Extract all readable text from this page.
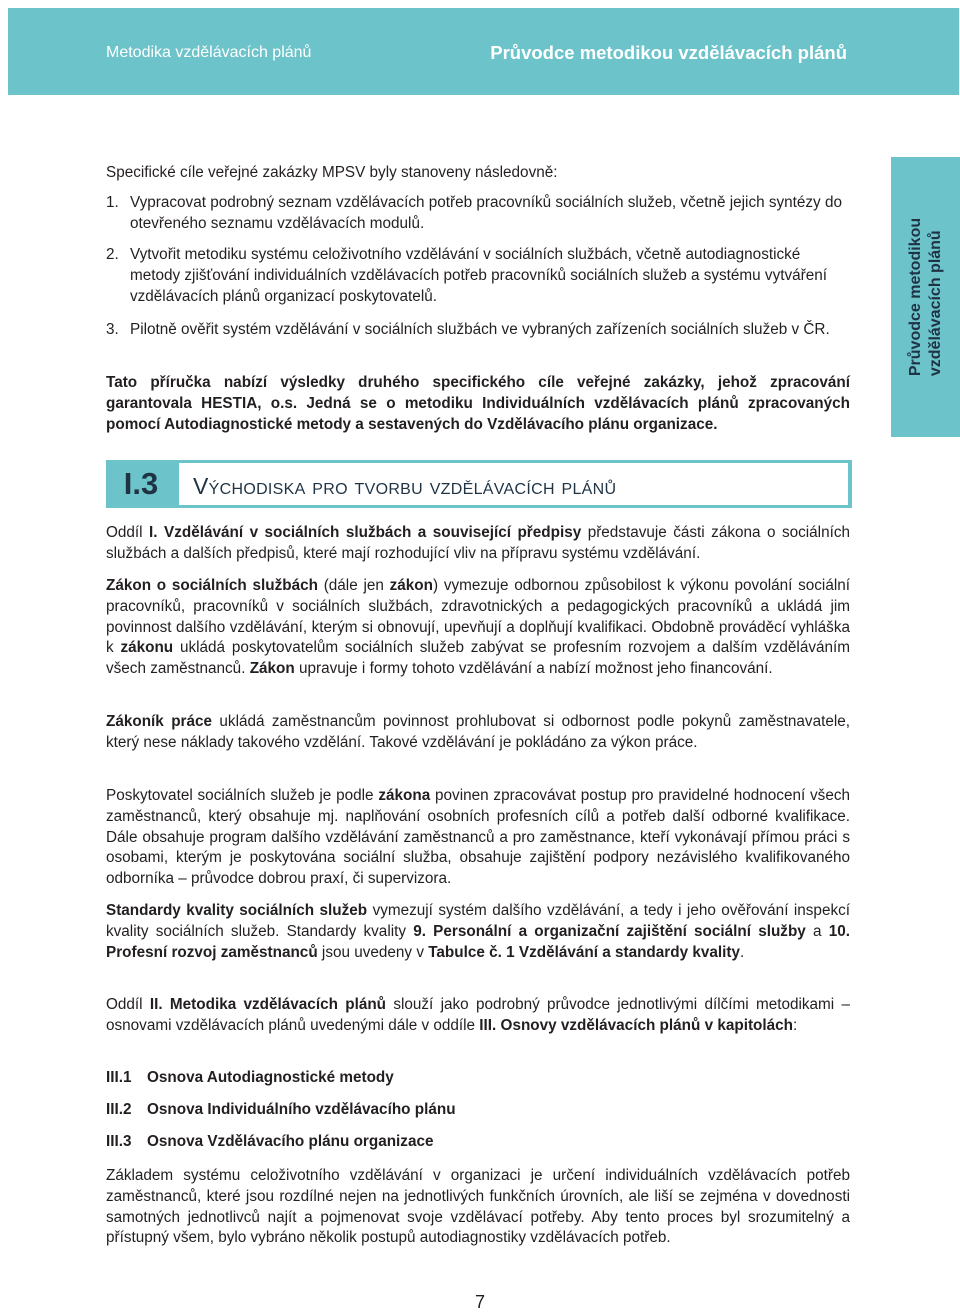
Metodika vzdělávacích plánů	Průvodce metodikou vzdělávacích plánů
Průvodce metodikou vzdělávacích plánů
Specifické cíle veřejné zakázky MPSV byly stanoveny následovně:
1. Vypracovat podrobný seznam vzdělávacích potřeb pracovníků sociálních služeb, včetně jejich syntézy do otevřeného seznamu vzdělávacích modulů.
2. Vytvořit metodiku systému celoživotního vzdělávání v sociálních službách, včetně autodiagnostické metody zjišťování individuálních vzdělávacích potřeb pracovníků sociálních služeb a systému vytváření vzdělávacích plánů organizací poskytovatelů.
3. Pilotně ověřit systém vzdělávání v sociálních službách ve vybraných zařízeních sociálních služeb v ČR.
Tato příručka nabízí výsledky druhého specifického cíle veřejné zakázky, jehož zpracování garantovala HESTIA, o.s. Jedná se o metodiku Individuálních vzdělávacích plánů zpracovaných pomocí Autodiagnostické metody a sestavených do Vzdělávacího plánu organizace.
I.3	Východiska pro tvorbu vzdělávacích plánů
Oddíl I. Vzdělávání v sociálních službách a související předpisy představuje části zákona o sociálních službách a dalších předpisů, které mají rozhodující vliv na přípravu systému vzdělávání.
Zákon o sociálních službách (dále jen zákon) vymezuje odbornou způsobilost k výkonu povolání sociální pracovníků, pracovníků v sociálních službách, zdravotnických a pedagogických pracovníků a ukládá jim povinnost dalšího vzdělávání, kterým si obnovují, upevňují a doplňují kvalifikaci. Obdobně prováděcí vyhláška k zákonu ukládá poskytovatelům sociálních služeb zabývat se profesním rozvojem a dalším vzděláváním všech zaměstnanců. Zákon upravuje i formy tohoto vzdělávání a nabízí možnost jeho financování.
Zákoník práce ukládá zaměstnancům povinnost prohlubovat si odbornost podle pokynů zaměstnavatele, který nese náklady takového vzdělání. Takové vzdělávání je pokládáno za výkon práce.
Poskytovatel sociálních služeb je podle zákona povinen zpracovávat postup pro pravidelné hodnocení všech zaměstnanců, který obsahuje mj. naplňování osobních profesních cílů a potřeb další odborné kvalifikace. Dále obsahuje program dalšího vzdělávání zaměstnanců a pro zaměstnance, kteří vykonávají přímou práci s osobami, kterým je poskytována sociální služba, obsahuje zajištění podpory nezávislého kvalifikovaného odborníka – průvodce dobrou praxí, či supervizora.
Standardy kvality sociálních služeb vymezují systém dalšího vzdělávání, a tedy i jeho ověřování inspekcí kvality sociálních služeb. Standardy kvality 9. Personální a organizační zajištění sociální služby a 10. Profesní rozvoj zaměstnanců jsou uvedeny v Tabulce č. 1 Vzdělávání a standardy kvality.
Oddíl II. Metodika vzdělávacích plánů slouží jako podrobný průvodce jednotlivými dílčími metodikami – osnovami vzdělávacích plánů uvedenými dále v oddíle III. Osnovy vzdělávacích plánů v kapitolách:
III.1 Osnova Autodiagnostické metody
III.2 Osnova Individuálního vzdělávacího plánu
III.3 Osnova Vzdělávacího plánu organizace
Základem systému celoživotního vzdělávání v organizaci je určení individuálních vzdělávacích potřeb zaměstnanců, které jsou rozdílné nejen na jednotlivých funkčních úrovních, ale liší se zejména v dovednosti samotných jednotlivců najít a pojmenovat svoje vzdělávací potřeby. Aby tento proces byl srozumitelný a přístupný všem, bylo vybráno několik postupů autodiagnostiky vzdělávacích potřeb.
7
